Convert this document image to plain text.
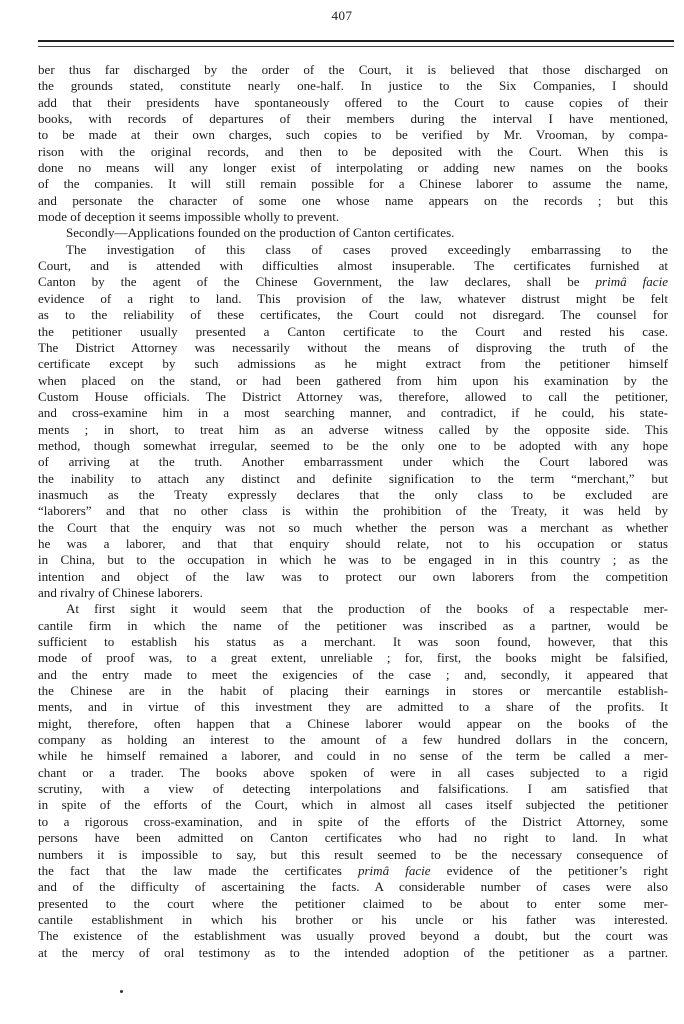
407
ber thus far discharged by the order of the Court, it is believed that those discharged on
the grounds stated, constitute nearly one-half. In justice to the Six Companies, I should
add that their presidents have spontaneously offered to the Court to cause copies of their
books, with records of departures of their members during the interval I have mentioned,
to be made at their own charges, such copies to be verified by Mr. Vrooman, by compa-
rison with the original records, and then to be deposited with the Court. When this is
done no means will any longer exist of interpolating or adding new names on the books
of the companies. It will still remain possible for a Chinese laborer to assume the name,
and personate the character of some one whose name appears on the records ; but this
mode of deception it seems impossible wholly to prevent.
Secondly—Applications founded on the production of Canton certificates.
The investigation of this class of cases proved exceedingly embarrassing to the
Court, and is attended with difficulties almost insuperable. The certificates furnished at
Canton by the agent of the Chinese Government, the law declares, shall be primâ facie
evidence of a right to land. This provision of the law, whatever distrust might be felt
as to the reliability of these certificates, the Court could not disregard. The counsel for
the petitioner usually presented a Canton certificate to the Court and rested his case.
The District Attorney was necessarily without the means of disproving the truth of the
certificate except by such admissions as he might extract from the petitioner himself
when placed on the stand, or had been gathered from him upon his examination by the
Custom House officials. The District Attorney was, therefore, allowed to call the petitioner,
and cross-examine him in a most searching manner, and contradict, if he could, his state-
ments ; in short, to treat him as an adverse witness called by the opposite side. This
method, though somewhat irregular, seemed to be the only one to be adopted with any hope
of arriving at the truth. Another embarrassment under which the Court labored was
the inability to attach any distinct and definite signification to the term “merchant,” but
inasmuch as the Treaty expressly declares that the only class to be excluded are
“laborers” and that no other class is within the prohibition of the Treaty, it was held by
the Court that the enquiry was not so much whether the person was a merchant as whether
he was a laborer, and that that enquiry should relate, not to his occupation or status
in China, but to the occupation in which he was to be engaged in in this country ; as the
intention and object of the law was to protect our own laborers from the competition
and rivalry of Chinese laborers.
At first sight it would seem that the production of the books of a respectable mer-
cantile firm in which the name of the petitioner was inscribed as a partner, would be
sufficient to establish his status as a merchant. It was soon found, however, that this
mode of proof was, to a great extent, unreliable ; for, first, the books might be falsified,
and the entry made to meet the exigencies of the case ; and, secondly, it appeared that
the Chinese are in the habit of placing their earnings in stores or mercantile establish-
ments, and in virtue of this investment they are admitted to a share of the profits. It
might, therefore, often happen that a Chinese laborer would appear on the books of the
company as holding an interest to the amount of a few hundred dollars in the concern,
while he himself remained a laborer, and could in no sense of the term be called a mer-
chant or a trader. The books above spoken of were in all cases subjected to a rigid
scrutiny, with a view of detecting interpolations and falsifications. I am satisfied that
in spite of the efforts of the Court, which in almost all cases itself subjected the petitioner
to a rigorous cross-examination, and in spite of the efforts of the District Attorney, some
persons have been admitted on Canton certificates who had no right to land. In what
numbers it is impossible to say, but this result seemed to be the necessary consequence of
the fact that the law made the certificates primâ facie evidence of the petitioner’s right
and of the difficulty of ascertaining the facts. A considerable number of cases were also
presented to the court where the petitioner claimed to be about to enter some mer-
cantile establishment in which his brother or his uncle or his father was interested.
The existence of the establishment was usually proved beyond a doubt, but the court was
at the mercy of oral testimony as to the intended adoption of the petitioner as a partner.
